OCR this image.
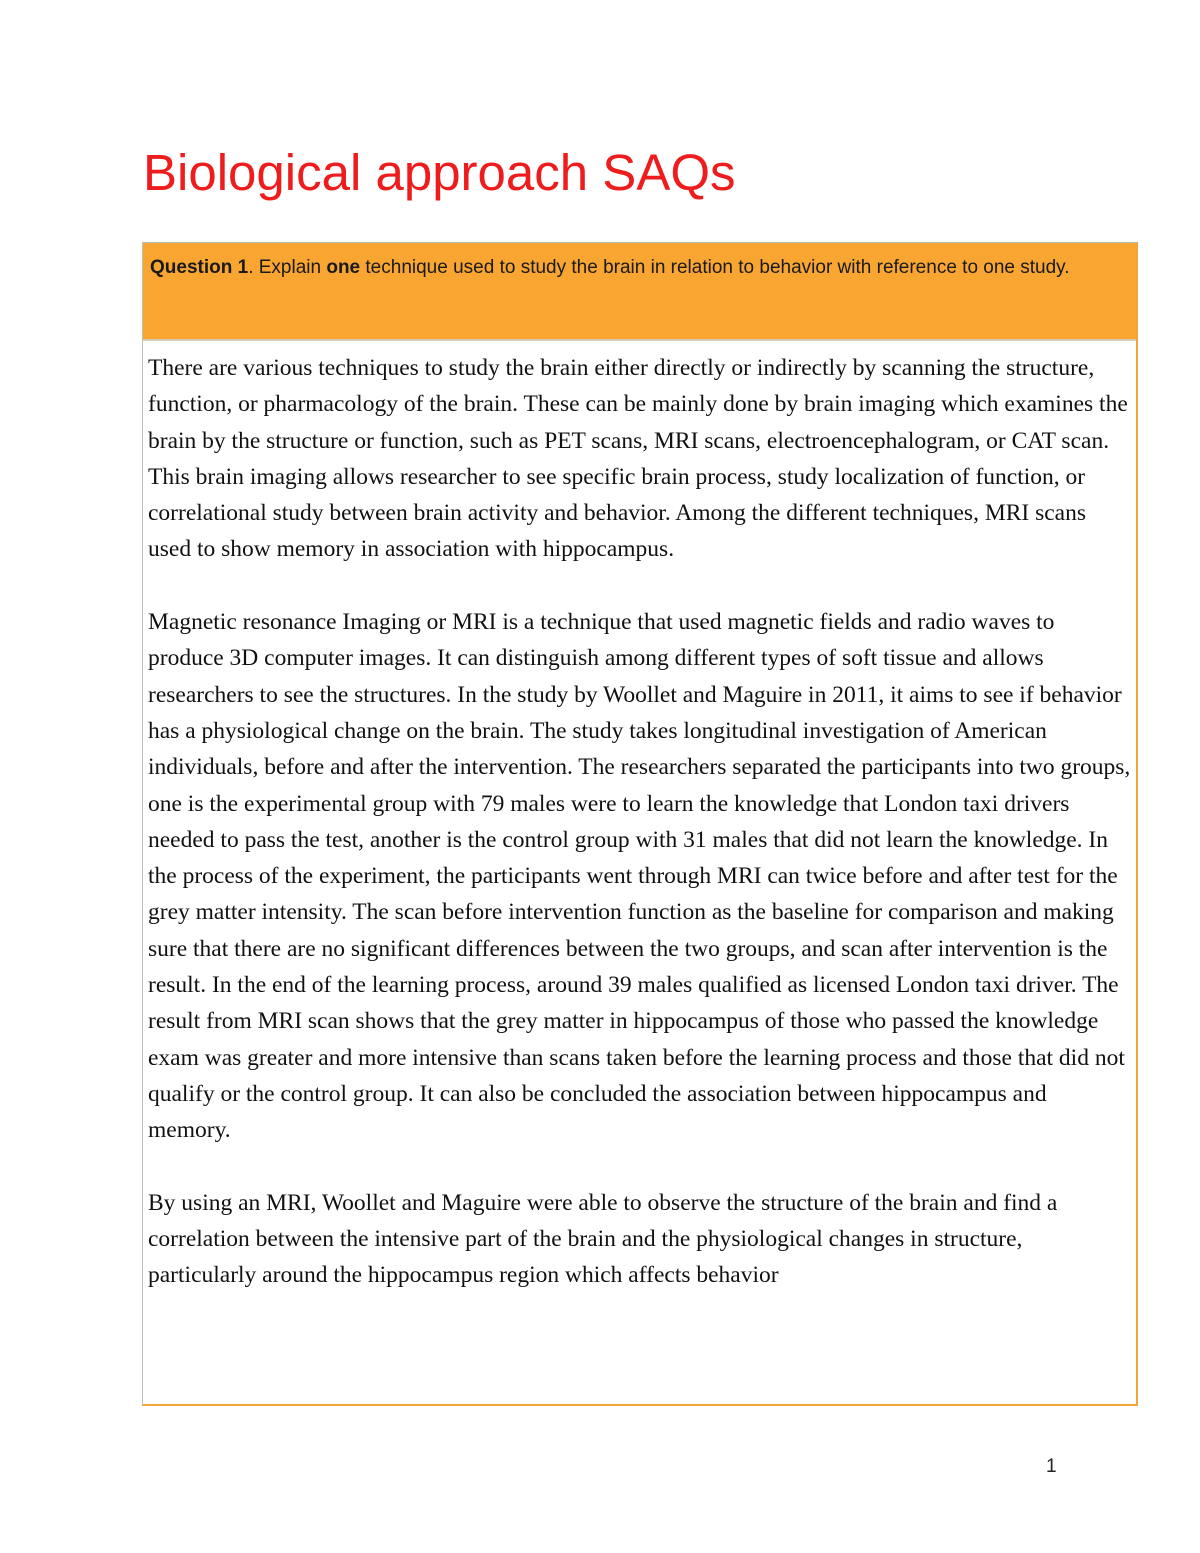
Biological approach SAQs
Question 1. Explain one technique used to study the brain in relation to behavior with reference to one study.

There are various techniques to study the brain either directly or indirectly by scanning the structure, function, or pharmacology of the brain. These can be mainly done by brain imaging which examines the brain by the structure or function, such as PET scans, MRI scans, electroencephalogram, or CAT scan. This brain imaging allows researcher to see specific brain process, study localization of function, or correlational study between brain activity and behavior. Among the different techniques, MRI scans used to show memory in association with hippocampus.

Magnetic resonance Imaging or MRI is a technique that used magnetic fields and radio waves to produce 3D computer images. It can distinguish among different types of soft tissue and allows researchers to see the structures. In the study by Woollet and Maguire in 2011, it aims to see if behavior has a physiological change on the brain. The study takes longitudinal investigation of American individuals, before and after the intervention. The researchers separated the participants into two groups, one is the experimental group with 79 males were to learn the knowledge that London taxi drivers needed to pass the test, another is the control group with 31 males that did not learn the knowledge. In the process of the experiment, the participants went through MRI can twice before and after test for the grey matter intensity. The scan before intervention function as the baseline for comparison and making sure that there are no significant differences between the two groups, and scan after intervention is the result. In the end of the learning process, around 39 males qualified as licensed London taxi driver. The result from MRI scan shows that the grey matter in hippocampus of those who passed the knowledge exam was greater and more intensive than scans taken before the learning process and those that did not qualify or the control group. It can also be concluded the association between hippocampus and memory.

By using an MRI, Woollet and Maguire were able to observe the structure of the brain and find a correlation between the intensive part of the brain and the physiological changes in structure, particularly around the hippocampus region which affects behavior

1
